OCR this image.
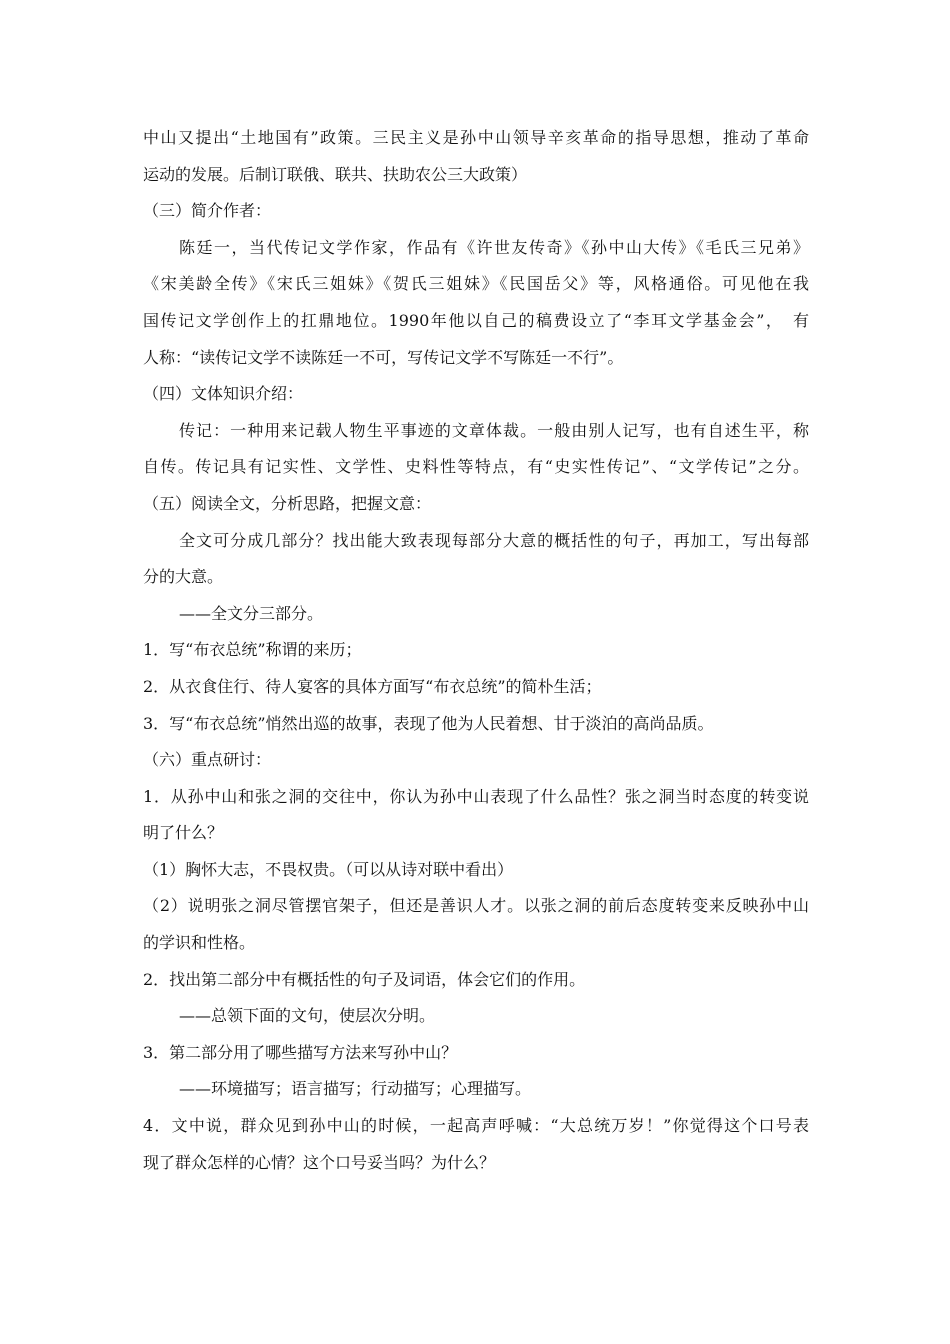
中山又提出“土地国有”政策。三民主义是孙中山领导辛亥革命的指导思想，推动了革命
运动的发展。后制订联俄、联共、扶助农公三大政策）
（三）简介作者：
陈廷一，当代传记文学作家，作品有《许世友传奇》《孙中山大传》《毛氏三兄弟》
《宋美龄全传》《宋氏三姐妹》《贺氏三姐妹》《民国岳父》等，风格通俗。可见他在我
国传记文学创作上的扛鼎地位。1990年他以自己的稿费设立了“李耳文学基金会”，　有
人称：“读传记文学不读陈廷一不可，写传记文学不写陈廷一不行”。
（四）文体知识介绍：
传记：一种用来记载人物生平事迹的文章体裁。一般由别人记写，也有自述生平，称
自传。传记具有记实性、文学性、史料性等特点，有“史实性传记”、“文学传记”之分。
（五）阅读全文，分析思路，把握文意：
全文可分成几部分？找出能大致表现每部分大意的概括性的句子，再加工，写出每部
分的大意。
——全文分三部分。
1．写“布衣总统”称谓的来历；
2．从衣食住行、待人宴客的具体方面写“布衣总统”的简朴生活；
3．写“布衣总统”悄然出巡的故事，表现了他为人民着想、甘于淡泊的高尚品质。
（六）重点研讨：
1．从孙中山和张之洞的交往中，你认为孙中山表现了什么品性？张之洞当时态度的转变说
明了什么？
（1）胸怀大志，不畏权贵。（可以从诗对联中看出）
（2）说明张之洞尽管摆官架子，但还是善识人才。以张之洞的前后态度转变来反映孙中山
的学识和性格。
2．找出第二部分中有概括性的句子及词语，体会它们的作用。
——总领下面的文句，使层次分明。
3．第二部分用了哪些描写方法来写孙中山？
——环境描写；语言描写；行动描写；心理描写。
4．文中说，群众见到孙中山的时候，一起高声呼喊：“大总统万岁！”你觉得这个口号表
现了群众怎样的心情？这个口号妥当吗？为什么？
